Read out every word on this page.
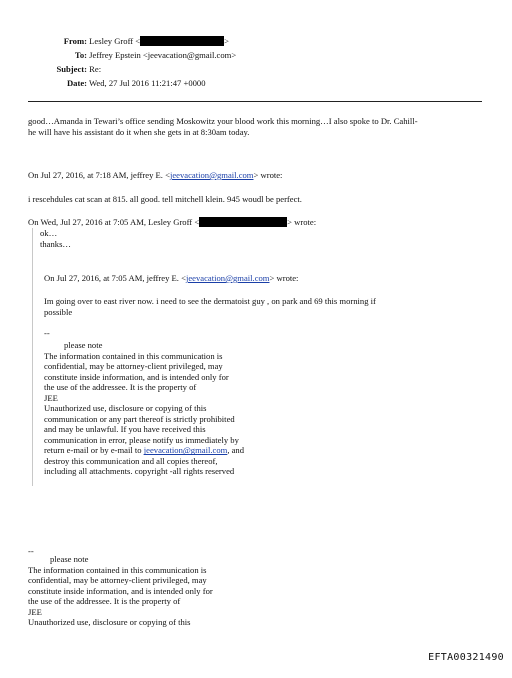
From: Lesley Groff <	>
To: Jeffrey Epstein <jeevacation@gmail.com>
Subject: Re:
Date: Wed, 27 Jul 2016 11:21:47 +0000
good…Amanda in Tewari’s office sending Moskowitz your blood work this morning…I also spoke to Dr. Cahill-
he will have his assistant do it when she gets in at 8:30am today.
On Jul 27, 2016, at 7:18 AM, jeffrey E. <jeevacation@gmail.com> wrote:
i rescehdules cat scan at 815. all good. tell mitchell klein. 945 woudl be perfect.
On Wed, Jul 27, 2016 at 7:05 AM, Lesley Groff <	> wrote:
ok…
thanks…
On Jul 27, 2016, at 7:05 AM, jeffrey E. <jeevacation@gmail.com> wrote:
Im going over to east river now. i need to see the dermatoist guy , on park and 69 this morning if
possible
--
please note
The information contained in this communication is
confidential, may be attorney-client privileged, may
constitute inside information, and is intended only for
the use of the addressee. It is the property of
JEE
Unauthorized use, disclosure or copying of this
communication or any part thereof is strictly prohibited
and may be unlawful. If you have received this
communication in error, please notify us immediately by
return e-mail or by e-mail to jeevacation@gmail.com, and
destroy this communication and all copies thereof,
including all attachments. copyright -all rights reserved
--
please note
The information contained in this communication is
confidential, may be attorney-client privileged, may
constitute inside information, and is intended only for
the use of the addressee. It is the property of
JEE
Unauthorized use, disclosure or copying of this
EFTA00321490
